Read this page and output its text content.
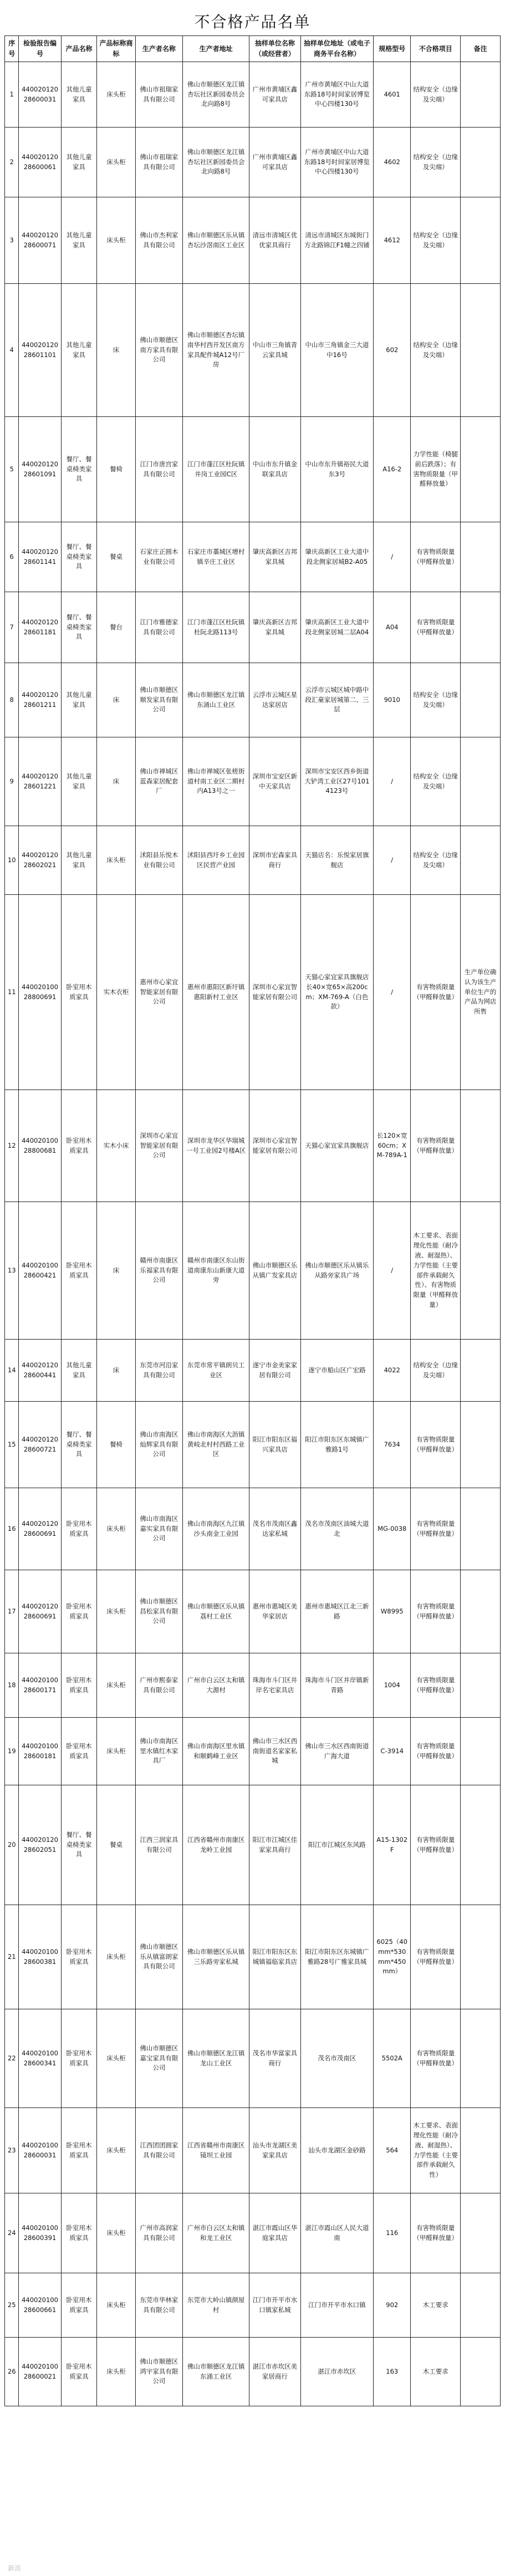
不合格产品名单
序号	检验报告编号	产品名称	产品标称商标	生产者名称	生产者地址	抽样单位名称（或经营者）	抽样单位地址（或电子商务平台名称）	规格型号	不合格项目	备注
1	440020120 28600031	其他儿童家具	床头柜	佛山市祖瑞家具有限公司	佛山市顺德区龙江镇杏坛社区新园委员会北向路8号	广州市黄埔区鑫可家具店	广州市黄埔区中山大道东路18号时间家居博览中心四楼130号	4601	结构安全（边缘及尖端）	
2	440020120 28600061	其他儿童家具	床头柜	佛山市祖瑞家具有限公司	佛山市顺德区龙江镇杏坛社区新园委员会北向路8号	广州市黄埔区鑫可家具店	广州市黄埔区中山大道东路18号时间家居博览中心四楼130号	4602	结构安全（边缘及尖端）	
3	440020120 28600071	其他儿童家具	床头柜	佛山市杰利家具有限公司	佛山市顺德区乐从镇杏坛沙滘南区工业区	清远市清城区优优家具商行	清远市清城区东城街门方北路锦江F1幢之四铺	4612	结构安全（边缘及尖端）	
4	440020120 28601101	其他儿童家具	床	佛山市顺德区南方家具有限公司	佛山市顺德区杏坛镇南华村西开发区南方家具配件城A12号厂房	中山市三角镇青云家具城	中山市三角镇金三大道中16号	602	结构安全（边缘及尖端）	
5	440020120 28601091	餐厅、餐桌椅类家具	餐椅	江门市唐宫家具有限公司	江门市蓬江区杜阮镇井岗工业园C区	中山市东升镇金联家具店	中山市东升镇裕民大道东3号	A16-2	力学性能（椅腿前后跌落）；有害物质限量（甲醛释放量）	
6	440020120 28601141	餐厅、餐桌椅类家具	餐桌	石家庄正圆木业有限公司	石家庄市藁城区增村镇辛庄工业区	肇庆高新区吉邦家具城	肇庆高新区工业大道中段北侧家居城B2-A05	/	有害物质限量（甲醛释放量）	
7	440020120 28601181	餐厅、餐桌椅类家具	餐台	江门市雅德家具有限公司	江门市蓬江区杜阮镇杜阮北路113号	肇庆高新区吉邦家具城	肇庆高新区工业大道中段北侧家居城二层A04	A04	有害物质限量（甲醛释放量）	
8	440020120 28601211	其他儿童家具	床	佛山市顺德区顺发家具有限公司	佛山市顺德区龙江镇东涌山工业区	云浮市云城区星达家居店	云浮市云城区城中路中段汇豪家居城第二、三层	9010	结构安全（边缘及尖端）	
9	440020120 28601221	其他儿童家具	床	佛山市禅城区蓝森家居配套厂	佛山市禅城区张槎街道村南工业区二期村内A13号之一	深圳市宝安区新中天家具店	深圳市宝安区西乡街道大铲湾工业区27号1014123号	/	结构安全（边缘及尖端）	
10	440020120 28602021	其他儿童家具	床头柜	沭阳县乐悦木业有限公司	沭阳县西圩乡工业园区民营产业园	深圳市宏森家具商行	天猫店名：乐悦家居旗舰店	/	结构安全（边缘及尖端）	
11	440020100 28800691	卧室用木质家具	实木衣柜	惠州市心家宜智能家居有限公司	惠州市惠阳区新圩镇惠阳新村工业区	深圳市心家宜智能家居有限公司	天猫心家宜家具旗舰店 长40×宽65×高200cm；XM-769-A（白色款）	/	有害物质限量（甲醛释放量）	生产单位确认为该生产单位生产的产品为网店所售
12	440020100 28800681	卧室用木质家具	实木小床	深圳市心家宜智能家居有限公司	深圳市龙华区华瑞城一号工业园2号楼A区	深圳市心家宜智能家居有限公司	天猫心家宜家具旗舰店	长120×宽60cm；XM-789A-1	有害物质限量（甲醛释放量）	
13	440020100 28600421	卧室用木质家具	床	赣州市南康区乐福家具有限公司	赣州市南康区东山街道南康东山新康大道旁	佛山市顺德区乐从镇广发家具店	佛山市顺德区乐从镇乐从路旁家具广场	/	木工要求、表面理化性能（耐冷液、耐湿热）、力学性能（主要部件承载耐久性）、有害物质限量（甲醛释放量）	
14	440020120 28600441	其他儿童家具	床	东莞市河沿家具有限公司	东莞市常平镇朗贝工业区	遂宁市金美家家居有限公司	遂宁市船山区广宏路	4022	结构安全（边缘及尖端）	
15	440020120 28600721	餐厅、餐桌椅类家具	餐椅	佛山市南海区灿辉家具有限公司	佛山市南海区大沥镇黄岐北村村西路工业区	阳江市阳东区福兴家具店	阳江市阳东区东城镇广雅路1号	7634	有害物质限量（甲醛释放量）	
16	440020120 28600691	卧室用木质家具	床头柜	佛山市南海区嘉实家具有限公司	佛山市南海区九江镇沙头南金工业园	茂名市茂南区鑫达家私城	茂名市茂南区油城大道北	MG-0038	有害物质限量（甲醛释放量）	
17	440020120 28600691	卧室用木质家具	床头柜	佛山市顺德区昌松家具有限公司	佛山市顺德区乐从镇荔村工业区	惠州市惠城区美华家居店	惠州市惠城区江北三新路	W8995	有害物质限量（甲醛释放量）	
18	440020100 28600171	卧室用木质家具	床头柜	广州市熙泰家具有限公司	广州市白云区太和镇大源村	珠海市斗门区井岸名宅家具店	珠海市斗门区井岸镇新青路	1004	有害物质限量（甲醛释放量）	
19	440020100 28600181	卧室用木质家具	床头柜	佛山市南海区里水镇红木家具厂	佛山市南海区里水镇和顺鹤峰工业区	佛山市三水区西南街道名家家私城	佛山市三水区西南街道广海大道	C-3914	有害物质限量（甲醛释放量）	
20	440020120 28602051	餐厅、餐桌椅类家具	餐桌	江西三润家具有限公司	江西省赣州市南康区龙岭工业园	阳江市江城区佳家家具商行	阳江市江城区东风路	A15-1302F	有害物质限量（甲醛释放量）	
21	440020100 28600381	卧室用木质家具	床头柜	佛山市顺德区乐从镇富朗家具有限公司	佛山市顺德区乐从镇三乐路旁家私城	阳江市阳东区东城镇福临家具店	阳江市阳东区东城镇广雅路28号广雅家具城	6025（40mm*530mm*450mm）	有害物质限量（甲醛释放量）	
22	440020100 28600341	卧室用木质家具	床头柜	佛山市顺德区嘉宝家具有限公司	佛山市顺德区龙江镇龙山工业区	茂名市华富家具商行	茂名市茂南区	5502A	有害物质限量（甲醛释放量）	
23	440020100 28600031	卧室用木质家具	床头柜	江西团团圆家具有限公司	江西省赣州市南康区镜坝工业园	汕头市龙湖区美家家具店	汕头市龙湖区金砂路	564	木工要求、表面理化性能（耐冷液、耐湿热）、力学性能（主要部件承载耐久性）	
24	440020100 28600391	卧室用木质家具	床头柜	广州市高润家具有限公司	广州市白云区太和镇和龙工业区	湛江市霞山区华庭家具店	湛江市霞山区人民大道南	116	有害物质限量（甲醛释放量）	
25	440020100 28600661	卧室用木质家具	床头柜	东莞市华林家具有限公司	东莞市大岭山镇颜屋村	江门市开平市水口镇家私城	江门市开平市水口镇	902	木工要求	
26	440020100 28600021	卧室用木质家具	床头柜	佛山市顺德区鸿宇家具有限公司	佛山市顺德区龙江镇东涌工业区	湛江市赤坎区美家居商行	湛江市赤坎区	163	木工要求	
新浪
